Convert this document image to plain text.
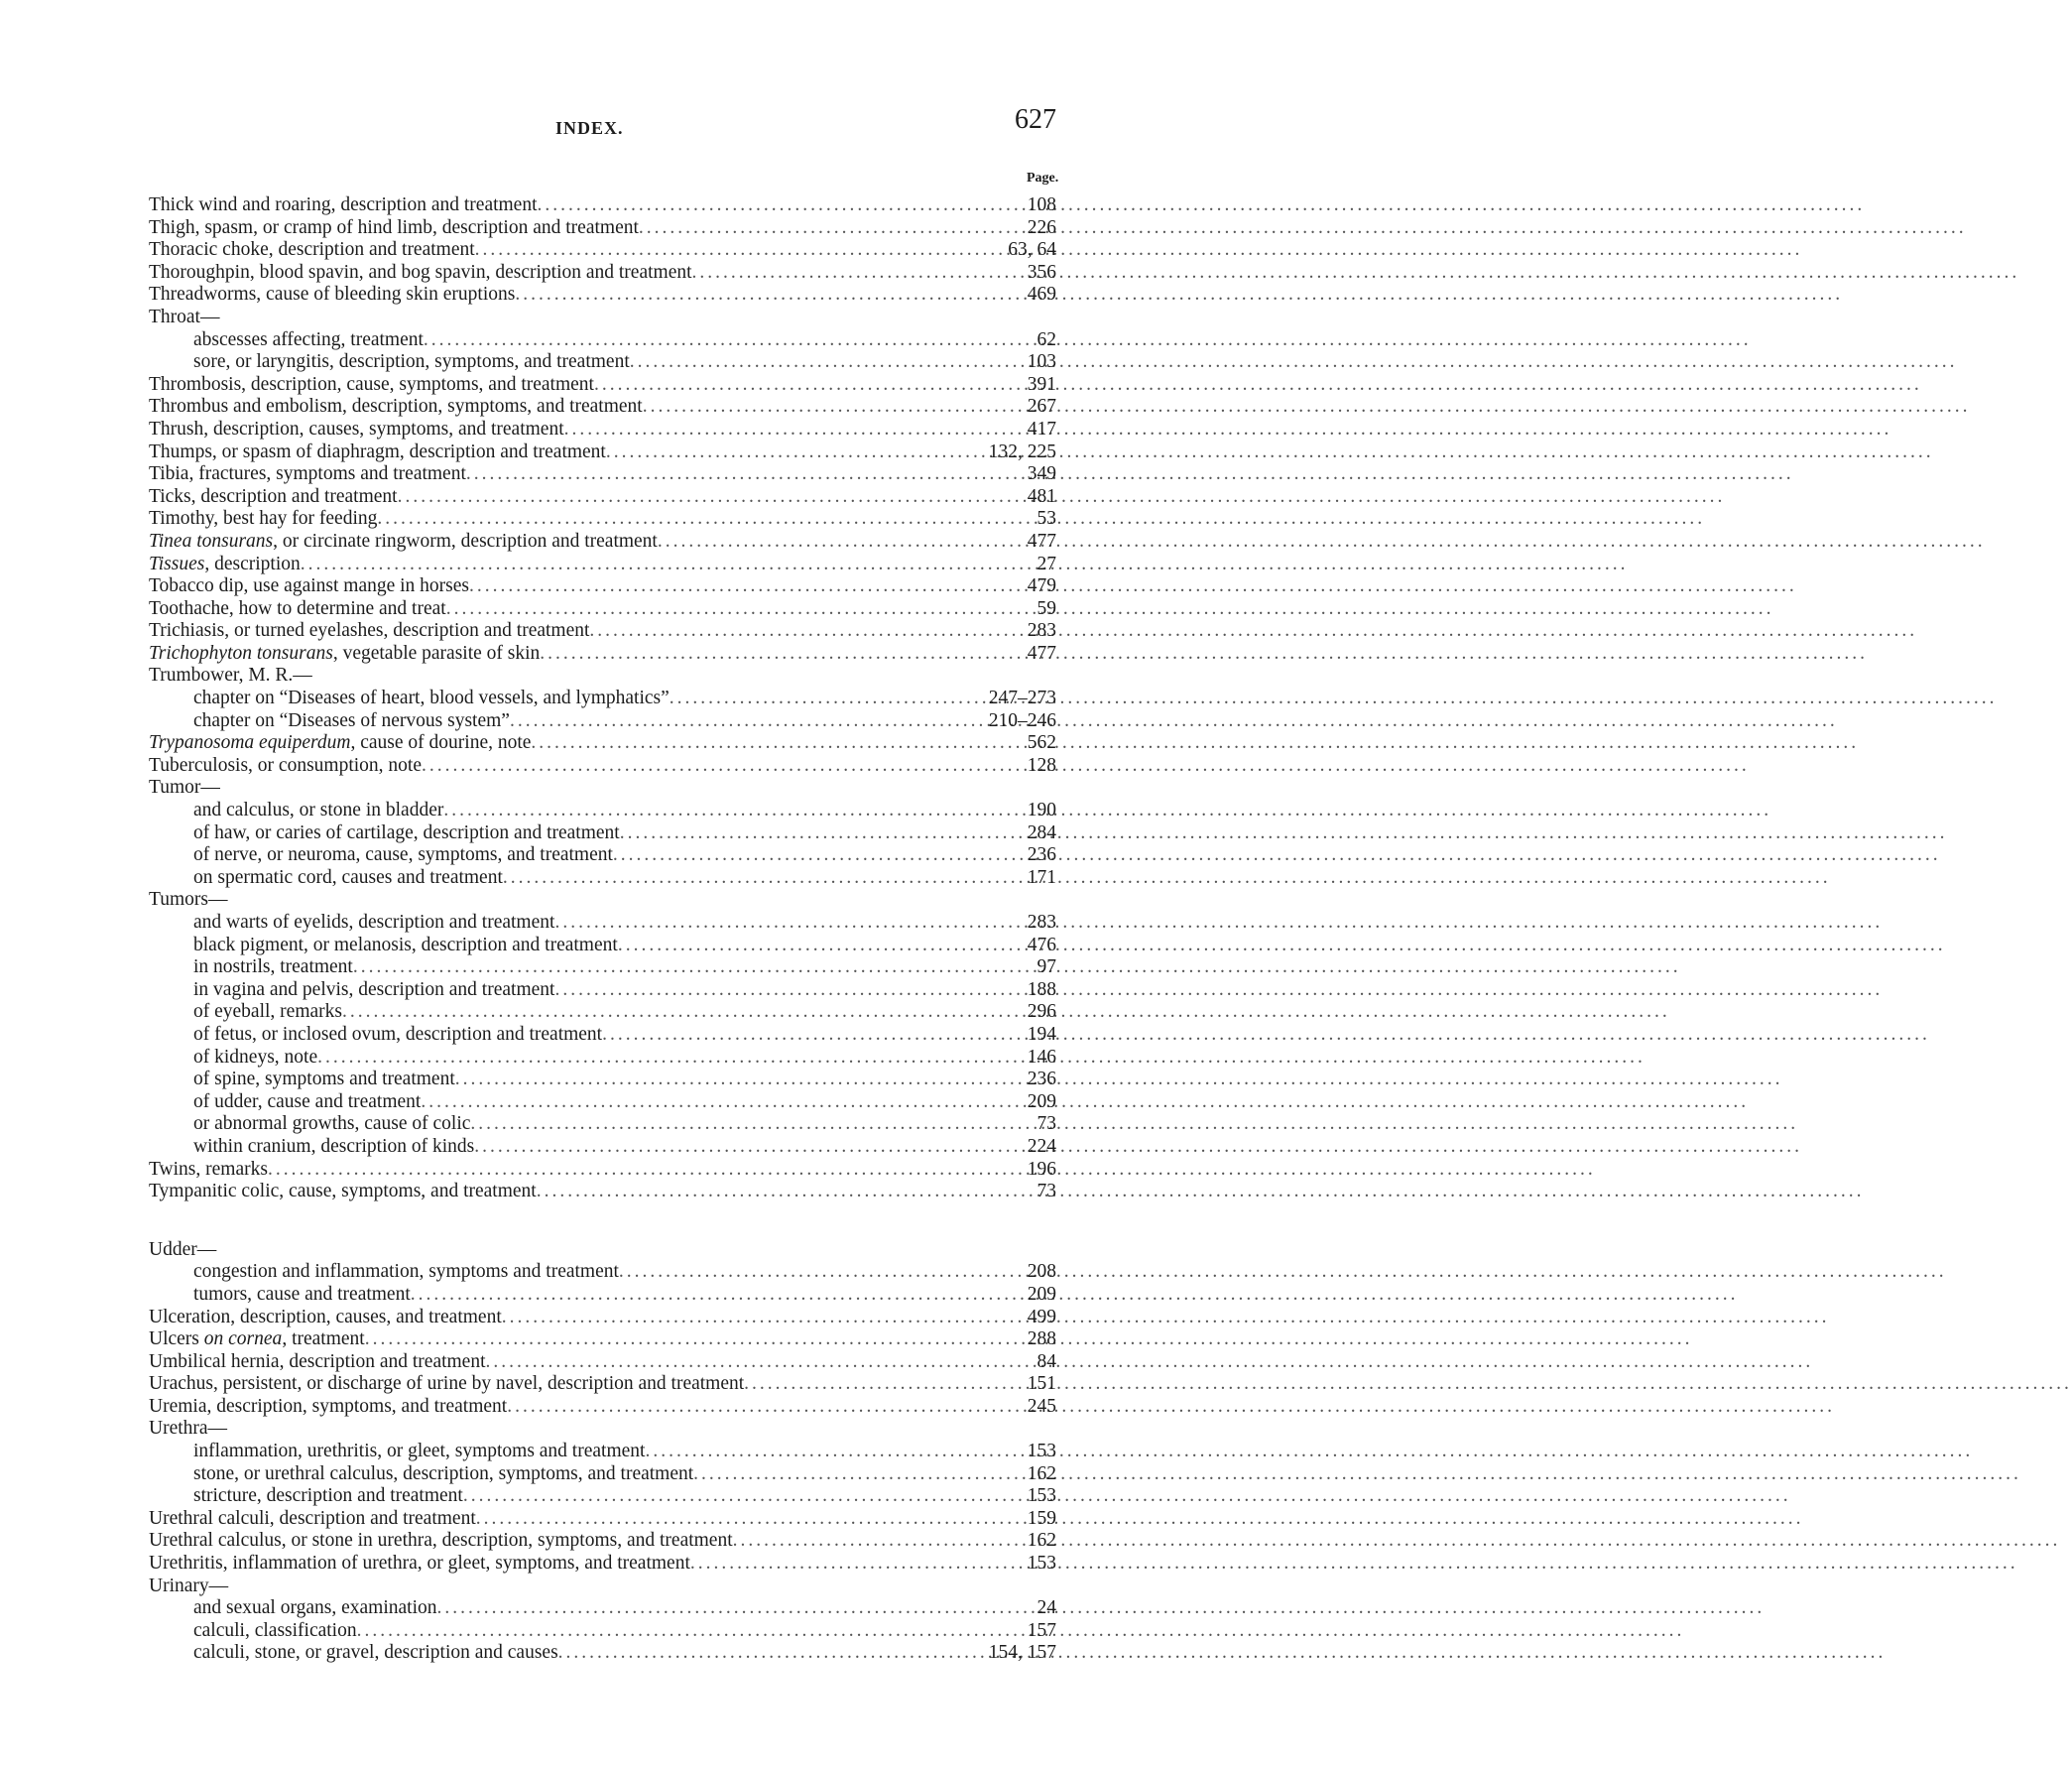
INDEX.	627
Page.
Thick wind and roaring, description and treatment .....	108
Thigh, spasm, or cramp of hind limb, description and treatment .....	226
Thoracic choke, description and treatment .....	63, 64
Thoroughpin, blood spavin, and bog spavin, description and treatment .....	356
Threadworms, cause of bleeding skin eruptions .....	469
Throat—
abscesses affecting, treatment .....	62
sore, or laryngitis, description, symptoms, and treatment .....	103
Thrombosis, description, cause, symptoms, and treatment .....	391
Thrombus and embolism, description, symptoms, and treatment .....	267
Thrush, description, causes, symptoms, and treatment .....	417
Thumps, or spasm of diaphragm, description and treatment .....	132, 225
Tibia, fractures, symptoms and treatment .....	349
Ticks, description and treatment .....	481
Timothy, best hay for feeding .....	53
Tinea tonsurans, or circinate ringworm, description and treatment .....	477
Tissues, description .....	27
Tobacco dip, use against mange in horses .....	479
Toothache, how to determine and treat .....	59
Trichiasis, or turned eyelashes, description and treatment .....	283
Trichophyton tonsurans, vegetable parasite of skin .....	477
Trumbower, M. R.—
chapter on “Diseases of heart, blood vessels, and lymphatics” .....	247–273
chapter on “Diseases of nervous system” .....	210–246
Trypanosoma equiperdum, cause of dourine, note .....	562
Tuberculosis, or consumption, note .....	128
Tumor—
and calculus, or stone in bladder .....	190
of haw, or caries of cartilage, description and treatment .....	284
of nerve, or neuroma, cause, symptoms, and treatment .....	236
on spermatic cord, causes and treatment .....	171
Tumors—
and warts of eyelids, description and treatment .....	283
black pigment, or melanosis, description and treatment .....	476
in nostrils, treatment .....	97
in vagina and pelvis, description and treatment .....	188
of eyeball, remarks .....	296
of fetus, or inclosed ovum, description and treatment .....	194
of kidneys, note .....	146
of spine, symptoms and treatment .....	236
of udder, cause and treatment .....	209
or abnormal growths, cause of colic .....	73
within cranium, description of kinds .....	224
Twins, remarks .....	196
Tympanitic colic, cause, symptoms, and treatment .....	73
Udder—
congestion and inflammation, symptoms and treatment .....	208
tumors, cause and treatment .....	209
Ulceration, description, causes, and treatment .....	499
Ulcers on cornea, treatment .....	288
Umbilical hernia, description and treatment .....	84
Urachus, persistent, or discharge of urine by navel, description and treatment .....	151
Uremia, description, symptoms, and treatment .....	245
Urethra—
inflammation, urethritis, or gleet, symptoms and treatment .....	153
stone, or urethral calculus, description, symptoms, and treatment .....	162
stricture, description and treatment .....	153
Urethral calculi, description and treatment .....	159
Urethral calculus, or stone in urethra, description, symptoms, and treatment .....	162
Urethritis, inflammation of urethra, or gleet, symptoms, and treatment .....	153
Urinary—
and sexual organs, examination .....	24
calculi, classification .....	157
calculi, stone, or gravel, description and causes .....	154, 157
